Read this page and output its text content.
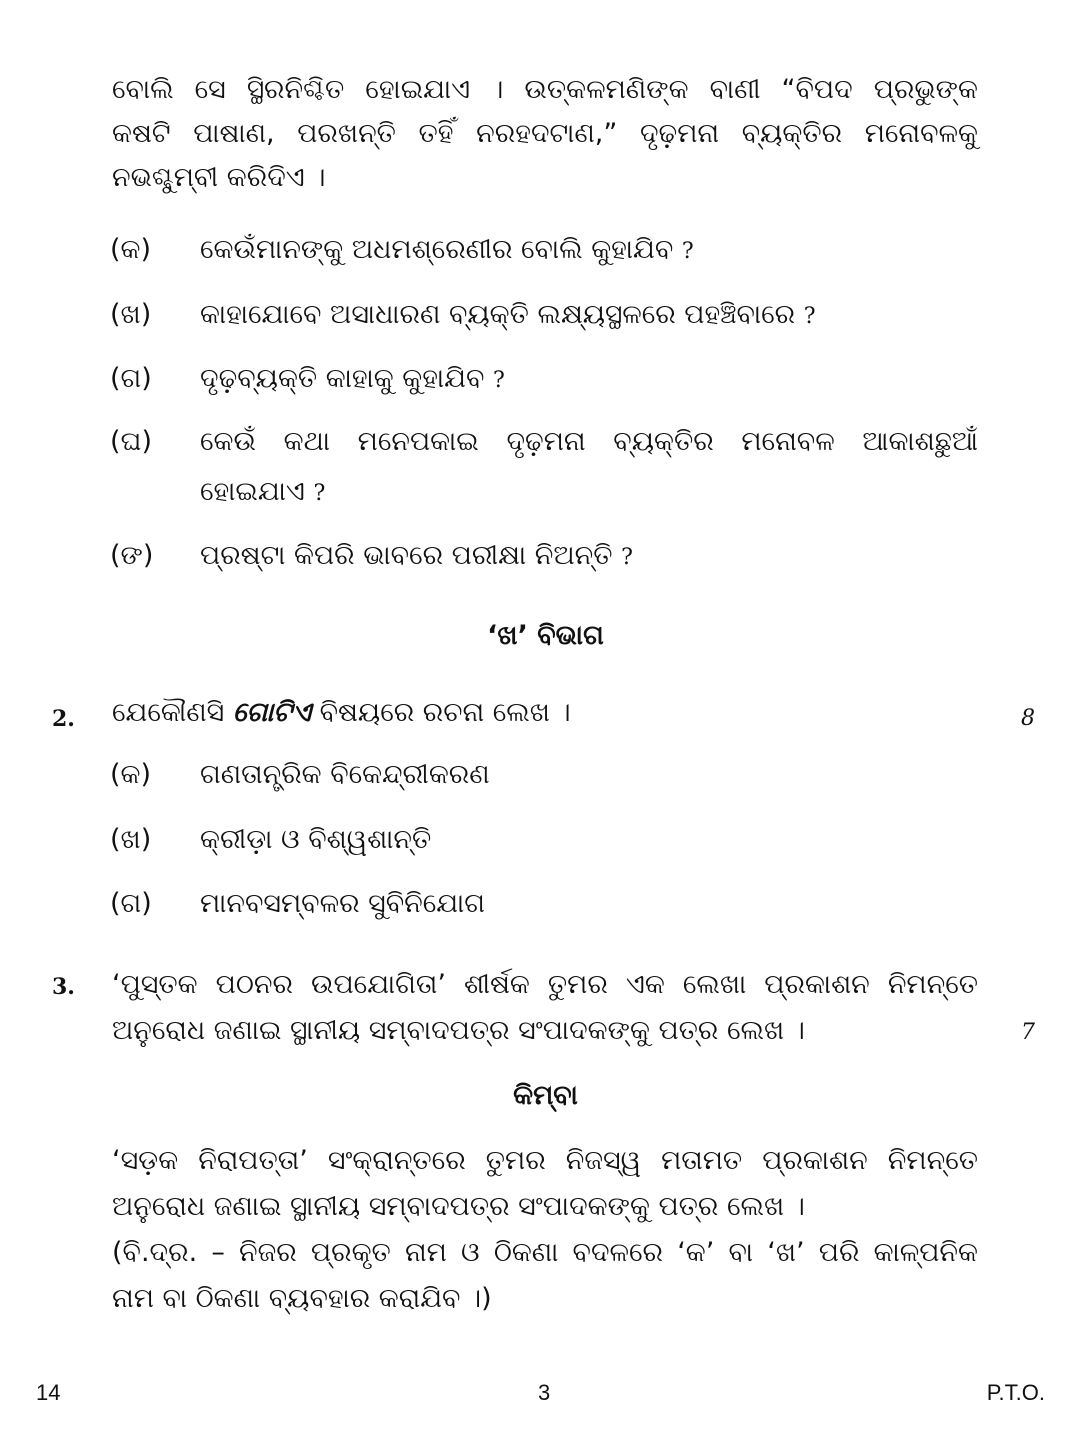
ବୋଲି ସେ ସ୍ଥିରନିଶ୍ଚିତ ହୋଇଯାଏ । ଉତ୍କଳମଣିଙ୍କ ବାଣୀ “ବିପଦ ପ୍ରଭୁଙ୍କ
କଷଟି ପାଷାଣ, ପରଖନ୍ତି ତହିଁ ନରହଦଟାଣ,” ଦୃଢ଼ମନା ବ୍ୟକ୍ତିର ମନୋବଳକୁ
ନଭଶ୍ଚୁମ୍ବୀ କରିଦିଏ ।
(କ) କେଉଁମାନଙ୍କୁ ଅଧମଶ୍ରେଣୀର ବୋଲି କୁହାଯିବ ?
(ଖ) କାହାଯୋବେ ଅସାଧାରଣ ବ୍ୟକ୍ତି ଲକ୍ଷ୍ୟସ୍ଥଳରେ ପହଞ୍ଚିବାରେ ?
(ଗ) ଦୃଢ଼ବ୍ୟକ୍ତି କାହାକୁ କୁହାଯିବ ?
(ଘ) କେଉଁ କଥା ମନେପକାଇ ଦୃଢ଼ମନା ବ୍ୟକ୍ତିର ମନୋବଳ ଆକାଶଛୁଆଁ
ହୋଇଯାଏ ?
(ଙ) ପ୍ରଷ୍ଟା କିପରି ଭାବରେ ପରୀକ୍ଷା ନିଅନ୍ତି ?
‘ଖ’ ବିଭାଗ
2. ଯେକୌଣସି ଗୋଟିଏ ବିଷୟରେ ରଚନା ଲେଖ ।	8
(କ) ଗଣତାନ୍ତ୍ରିକ ବିକେନ୍ଦ୍ରୀକରଣ
(ଖ) କ୍ରୀଡ଼ା ଓ ବିଶ୍ୱଶାନ୍ତି
(ଗ) ମାନବସମ୍ବଳର ସୁବିନିଯୋଗ
3. ‘ପୁସ୍ତକ ପଠନର ଉପଯୋଗିତା’ ଶୀର୍ଷକ ତୁମର ଏକ ଲେଖା ପ୍ରକାଶନ ନିମନ୍ତେ
ଅନୁରୋଧ ଜଣାଇ ସ୍ଥାନୀୟ ସମ୍ବାଦପତ୍ର ସଂପାଦକଙ୍କୁ ପତ୍ର ଲେଖ ।	7
କିମ୍ବା
‘ସଡ଼କ ନିରାପତ୍ତା’ ସଂକ୍ରାନ୍ତରେ ତୁମର ନିଜସ୍ୱ ମତାମତ ପ୍ରକାଶନ ନିମନ୍ତେ
ଅନୁରୋଧ ଜଣାଇ ସ୍ଥାନୀୟ ସମ୍ବାଦପତ୍ର ସଂପାଦକଙ୍କୁ ପତ୍ର ଲେଖ ।
(ବି.ଦ୍ର. – ନିଜର ପ୍ରକୃତ ନାମ ଓ ଠିକଣା ବଦଳରେ ‘କ’ ବା ‘ଖ’ ପରି କାଳ୍ପନିକ
ନାମ ବା ଠିକଣା ବ୍ୟବହାର କରାଯିବ ।)
14	3	P.T.O.
